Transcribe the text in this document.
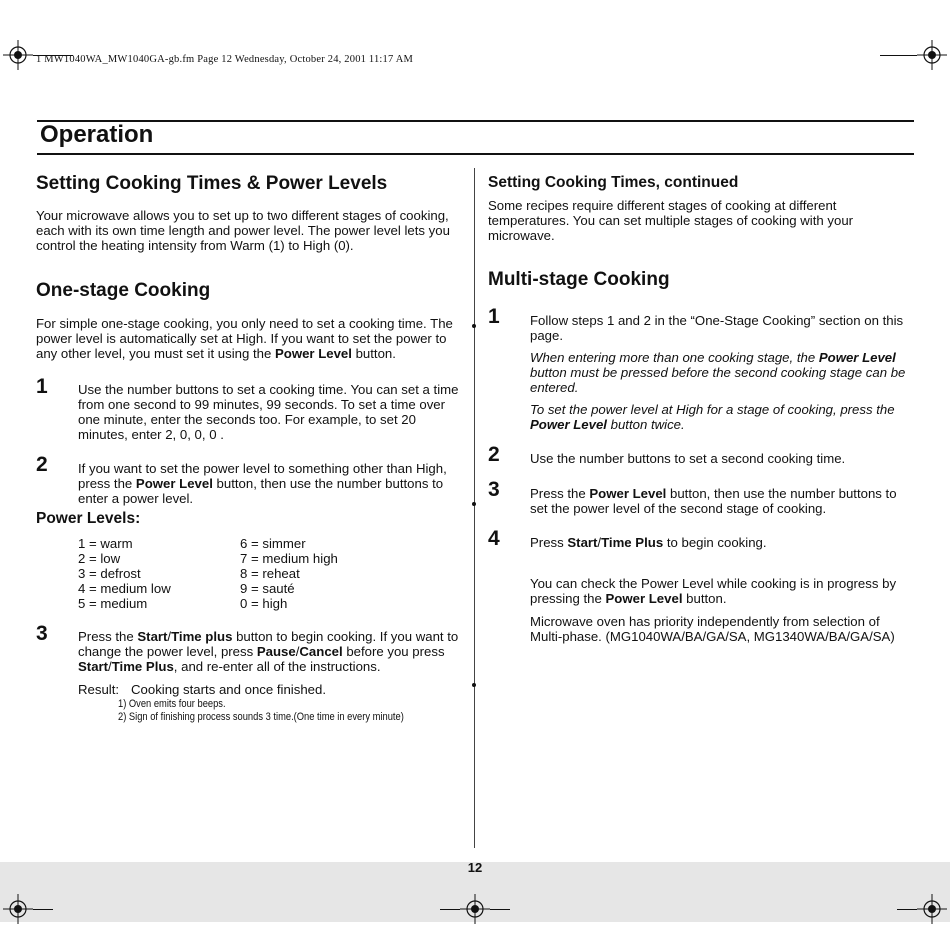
1 MW1040WA_MW1040GA-gb.fm Page 12 Wednesday, October 24, 2001 11:17 AM
Operation
Setting Cooking Times & Power Levels
Your microwave allows you to set up to two different stages of cooking, each with its own time length and power level. The power level lets you control the heating intensity from Warm (1) to High (0).
One-stage Cooking
For simple one-stage cooking, you only need to set a cooking time. The power level is automatically set at High. If you want to set the power to any other level, you must set it using the Power Level button.
1 Use the number buttons to set a cooking time. You can set a time from one second to 99 minutes, 99 seconds. To set a time over one minute, enter the seconds too. For example, to set 20 minutes, enter 2, 0, 0, 0 .
2 If you want to set the power level to something other than High, press the Power Level button, then use the number buttons to enter a power level.
Power Levels:
1 = warm
2 = low
3 = defrost
4 = medium low
5 = medium
6 = simmer
7 = medium high
8 = reheat
9 = sauté
0 = high
3 Press the Start/Time plus button to begin cooking. If you want to change the power level, press Pause/Cancel before you press Start/Time Plus, and re-enter all of the instructions.
Result: Cooking starts and once finished.
1) Oven emits four beeps.
2) Sign of finishing process sounds 3 time.(One time in every minute)
Setting Cooking Times, continued
Some recipes require different stages of cooking at different temperatures. You can set multiple stages of cooking with your microwave.
Multi-stage Cooking
1 Follow steps 1 and 2 in the “One-Stage Cooking” section on this page.
When entering more than one cooking stage, the Power Level button must be pressed before the second cooking stage can be entered.
To set the power level at High for a stage of cooking, press the Power Level button twice.
2 Use the number buttons to set a second cooking time.
3 Press the Power Level button, then use the number buttons to set the power level of the second stage of cooking.
4 Press Start/Time Plus to begin cooking.
You can check the Power Level while cooking is in progress by pressing the Power Level button.
Microwave oven has priority independently from selection of Multi-phase. (MG1040WA/BA/GA/SA, MG1340WA/BA/GA/SA)
12
